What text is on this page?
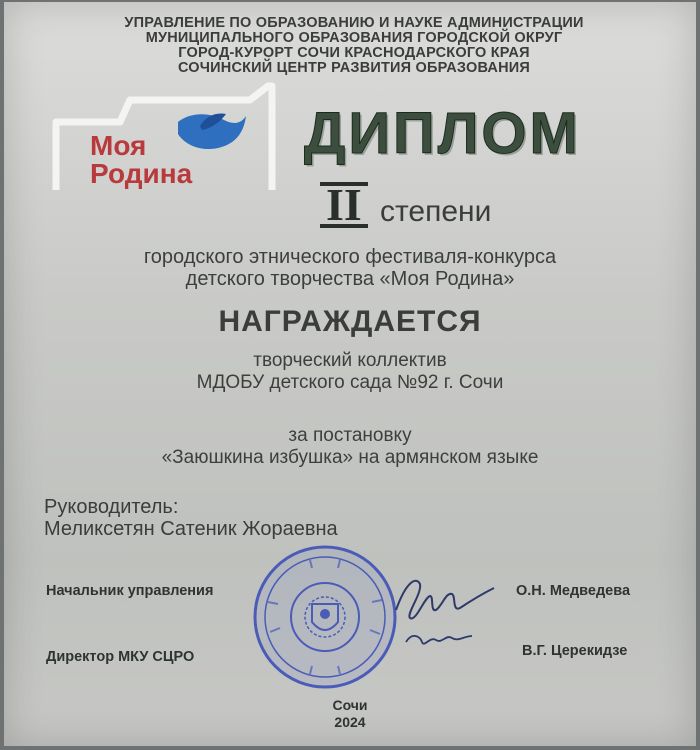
УПРАВЛЕНИЕ ПО ОБРАЗОВАНИЮ И НАУКЕ АДМИНИСТРАЦИИ
МУНИЦИПАЛЬНОГО ОБРАЗОВАНИЯ ГОРОДСКОЙ ОКРУГ
ГОРОД-КУРОРТ СОЧИ КРАСНОДАРСКОГО КРАЯ
СОЧИНСКИЙ ЦЕНТР РАЗВИТИЯ ОБРАЗОВАНИЯ
Моя
Родина
ДИПЛОМ
II степени
городского этнического фестиваля-конкурса
детского творчества «Моя Родина»
НАГРАЖДАЕТСЯ
творческий коллектив
МДОБУ детского сада №92 г. Сочи
за постановку
«Заюшкина избушка» на армянском языке
Руководитель:
Меликсетян Сатеник Жораевна
Начальник управления	О.Н. Медведева
Директор МКУ СЦРО	В.Г. Церекидзе
Сочи
2024
